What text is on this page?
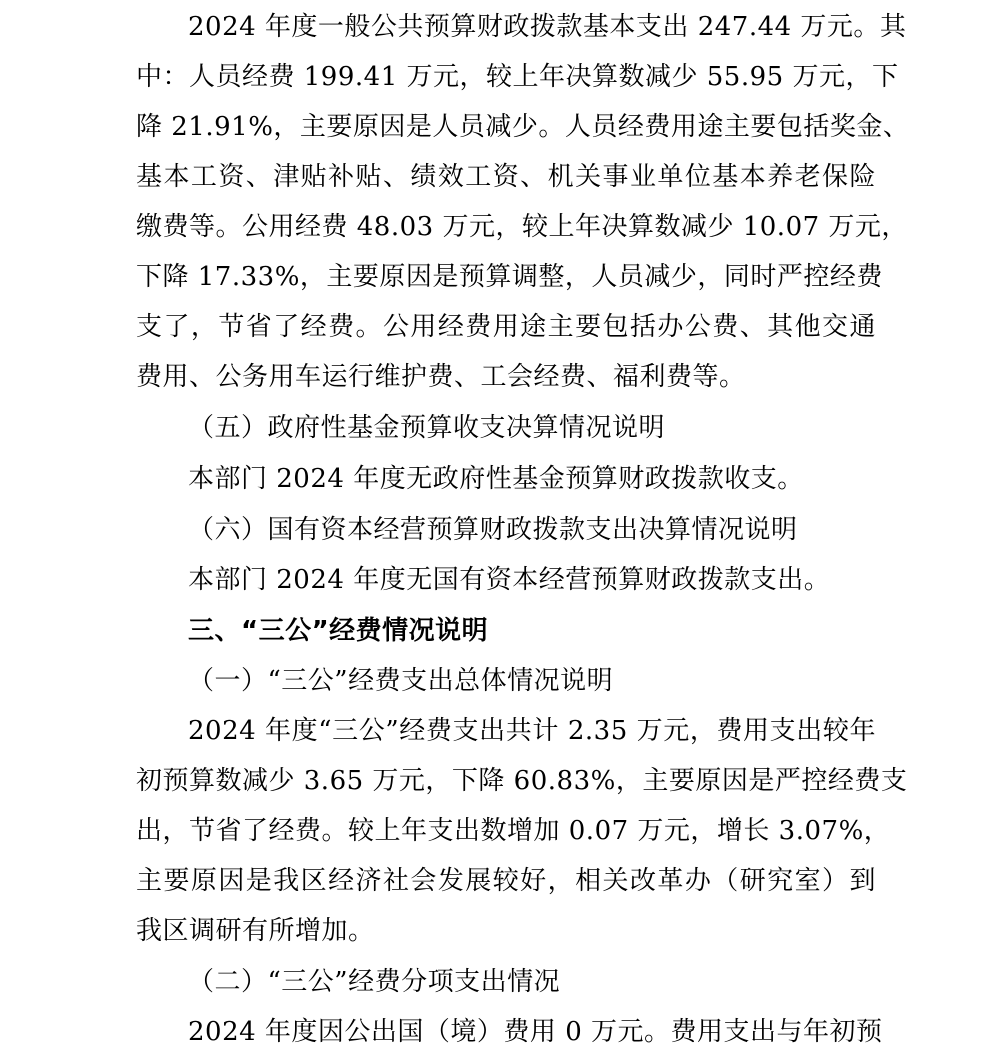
2024 年度一般公共预算财政拨款基本支出 247.44 万元。其
中：人员经费 199.41 万元，较上年决算数减少 55.95 万元，下
降 21.91%，主要原因是人员减少。人员经费用途主要包括奖金、
基本工资、津贴补贴、绩效工资、机关事业单位基本养老保险
缴费等。公用经费 48.03 万元，较上年决算数减少 10.07 万元，
下降 17.33%，主要原因是预算调整，人员减少，同时严控经费
支了，节省了经费。公用经费用途主要包括办公费、其他交通
费用、公务用车运行维护费、工会经费、福利费等。
（五）政府性基金预算收支决算情况说明
本部门 2024 年度无政府性基金预算财政拨款收支。
（六）国有资本经营预算财政拨款支出决算情况说明
本部门 2024 年度无国有资本经营预算财政拨款支出。
三、“三公”经费情况说明
（一）“三公”经费支出总体情况说明
2024 年度“三公”经费支出共计 2.35 万元，费用支出较年
初预算数减少 3.65 万元，下降 60.83%，主要原因是严控经费支
出，节省了经费。较上年支出数增加 0.07 万元，增长 3.07%，
主要原因是我区经济社会发展较好，相关改革办（研究室）到
我区调研有所增加。
（二）“三公”经费分项支出情况
2024 年度因公出国（境）费用 0 万元。费用支出与年初预
